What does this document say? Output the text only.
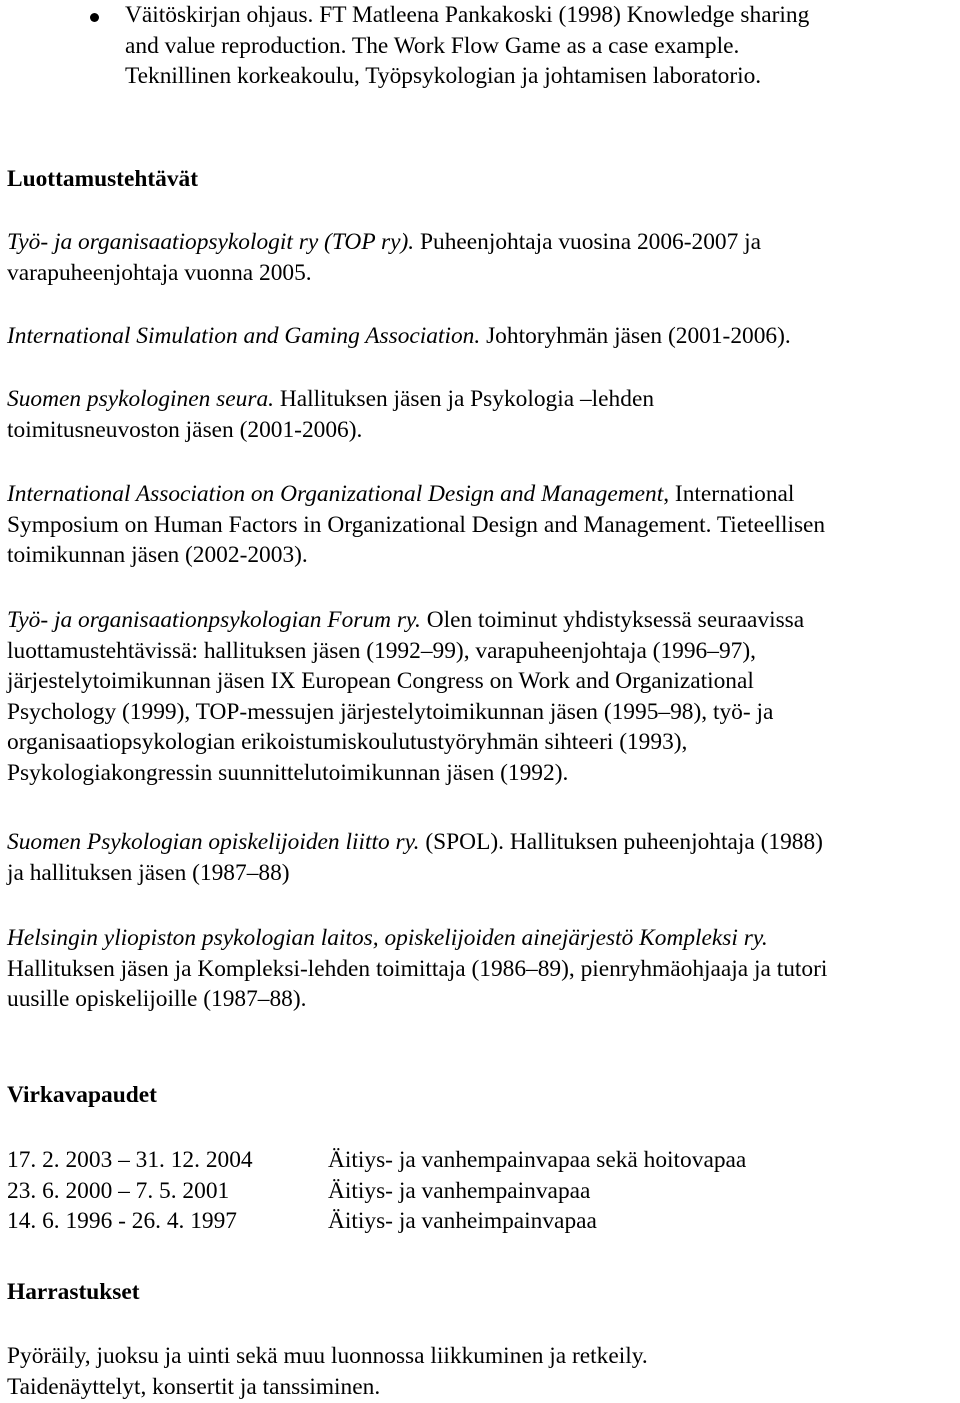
Väitöskirjan ohjaus. FT Matleena Pankakoski (1998) Knowledge sharing
and value reproduction. The Work Flow Game as a case example.
Teknillinen korkeakoulu, Työpsykologian ja johtamisen laboratorio.
Luottamustehtävät
Työ- ja organisaatiopsykologit ry (TOP ry). Puheenjohtaja vuosina 2006-2007 ja
varapuheenjohtaja vuonna 2005.
International Simulation and Gaming Association. Johtoryhmän jäsen (2001-2006).
Suomen psykologinen seura. Hallituksen jäsen ja Psykologia –lehden
toimitusneuvoston jäsen (2001-2006).
International Association on Organizational Design and Management, International
Symposium on Human Factors in Organizational Design and Management. Tieteellisen
toimikunnan jäsen (2002-2003).
Työ- ja organisaationpsykologian Forum ry. Olen toiminut yhdistyksessä seuraavissa
luottamustehtävissä: hallituksen jäsen (1992–99), varapuheenjohtaja (1996–97),
järjestelytoimikunnan jäsen IX European Congress on Work and Organizational
Psychology (1999), TOP-messujen järjestelytoimikunnan jäsen (1995–98), työ- ja
organisaatiopsykologian erikoistumiskoulutustyöryhmän sihteeri (1993),
Psykologiakongressin suunnittelutoimikunnan jäsen (1992).
Suomen Psykologian opiskelijoiden liitto ry. (SPOL). Hallituksen puheenjohtaja (1988)
ja hallituksen jäsen (1987–88)
Helsingin yliopiston psykologian laitos, opiskelijoiden ainejärjestö Kompleksi ry.
Hallituksen jäsen ja Kompleksi-lehden toimittaja (1986–89), pienryhmäohjaaja ja tutori
uusille opiskelijoille (1987–88).
Virkavapaudet
17. 2. 2003 – 31. 12. 2004	Äitiys- ja vanhempainvapaa sekä hoitovapaa
23. 6. 2000 – 7. 5. 2001	Äitiys- ja vanhempainvapaa
14. 6. 1996 - 26. 4. 1997	Äitiys- ja vanheimpainvapaa
Harrastukset
Pyöräily, juoksu ja uinti sekä muu luonnossa liikkuminen ja retkeily.
Taidenäyttelyt, konsertit ja tanssiminen.
